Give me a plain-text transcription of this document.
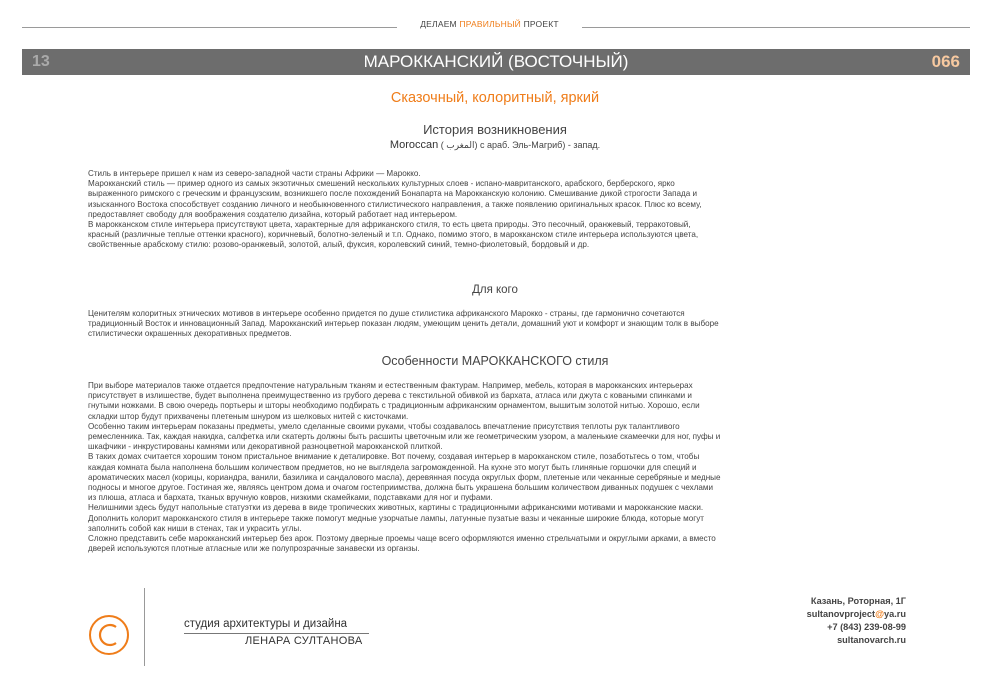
ДЕЛАЕМ ПРАВИЛЬНЫЙ ПРОЕКТ
13	МАРОККАНСКИЙ (ВОСТОЧНЫЙ)	066
Сказочный, колоритный, яркий
История возникновения
Moroccan ( المغرب) с араб. Эль-Магриб) - запад.
Стиль в интерьере пришел к нам из северо-западной части страны Африки — Марокко.
Марокканский стиль — пример одного из самых экзотичных смешений нескольких культурных слоев - испано-мавританского, арабского, берберского, ярко
выраженного римского с греческим и французским, возникшего после похождений Бонапарта на Марокканскую колонию. Смешивание дикой строгости Запада и
изысканного Востока способствует созданию личного и необыкновенного стилистического направления, а также появлению оригинальных красок. Плюс ко всему,
предоставляет свободу для воображения создателю дизайна, который работает над интерьером.
В марокканском стиле интерьера присутствуют цвета, характерные для африканского стиля, то есть цвета природы. Это песочный, оранжевый, терракотовый,
красный (различные теплые оттенки красного), коричневый, болотно-зеленый и т.п. Однако, помимо этого, в марокканском стиле интерьера используются цвета,
свойственные арабскому стилю: розово-оранжевый, золотой, алый, фуксия, королевский синий, темно-фиолетовый, бордовый и др.
Для кого
Ценителям колоритных этнических мотивов в интерьере особенно придется по душе стилистика африканского Марокко - страны, где гармонично сочетаются
традиционный Восток и инновационный Запад. Марокканский интерьер показан людям, умеющим ценить детали, домашний уют и комфорт и знающим толк в выборе
стилистически окрашенных декоративных предметов.
Особенности МАРОККАНСКОГО стиля
При выборе материалов также отдается предпочтение натуральным тканям и естественным фактурам. Например, мебель, которая в марокканских интерьерах
присутствует в излишестве, будет выполнена преимущественно из грубого дерева с текстильной обивкой из бархата, атласа или джута с коваными спинками и
гнутыми ножками. В свою очередь портьеры и шторы необходимо подбирать с традиционным африканским орнаментом, вышитым золотой нитью. Хорошо, если
складки штор будут прихвачены плетеным шнуром из шелковых нитей с кисточками.
Особенно таким интерьерам показаны предметы, умело сделанные своими руками, чтобы создавалось впечатление присутствия теплоты рук талантливого
ремесленника. Так, каждая накидка, салфетка или скатерть должны быть расшиты цветочным или же геометрическим узором, а маленькие скамеечки для ног, пуфы и
шкафчики - инкрустированы камнями или декоративной разноцветной марокканской плиткой.
В таких домах считается хорошим тоном пристальное внимание к деталировке. Вот почему, создавая интерьер в марокканском стиле, позаботьтесь о том, чтобы
каждая комната была наполнена большим количеством предметов, но не выглядела загроможденной. На кухне это могут быть глиняные горшочки для специй и
ароматических масел (корицы, кориандра, ванили, базилика и сандалового масла), деревянная посуда округлых форм, плетеные или чеканные серебряные и медные
подносы и многое другое. Гостиная же, являясь центром дома и очагом гостеприимства, должна быть украшена большим количеством диванных подушек с чехлами
из плюша, атласа и бархата, тканых вручную ковров, низкими скамейками, подставками для ног и пуфами.
Нелишними здесь будут напольные статуэтки из дерева в виде тропических животных, картины с традиционными африканскими мотивами и марокканские маски.
Дополнить колорит марокканского стиля в интерьере также помогут медные узорчатые лампы, латунные пузатые вазы и чеканные широкие блюда, которые могут
заполнить собой как ниши в стенах, так и украсить углы.
Сложно представить себе марокканский интерьер без арок. Поэтому дверные проемы чаще всего оформляются именно стрельчатыми и округлыми арками, а вместо
дверей используются плотные атласные или же полупрозрачные занавески из органзы.
студия архитектуры и дизайна
ЛЕНАРА СУЛТАНОВА
Казань, Роторная, 1Г
sultanovproject@ya.ru
+7 (843) 239-08-99
sultanovarch.ru
